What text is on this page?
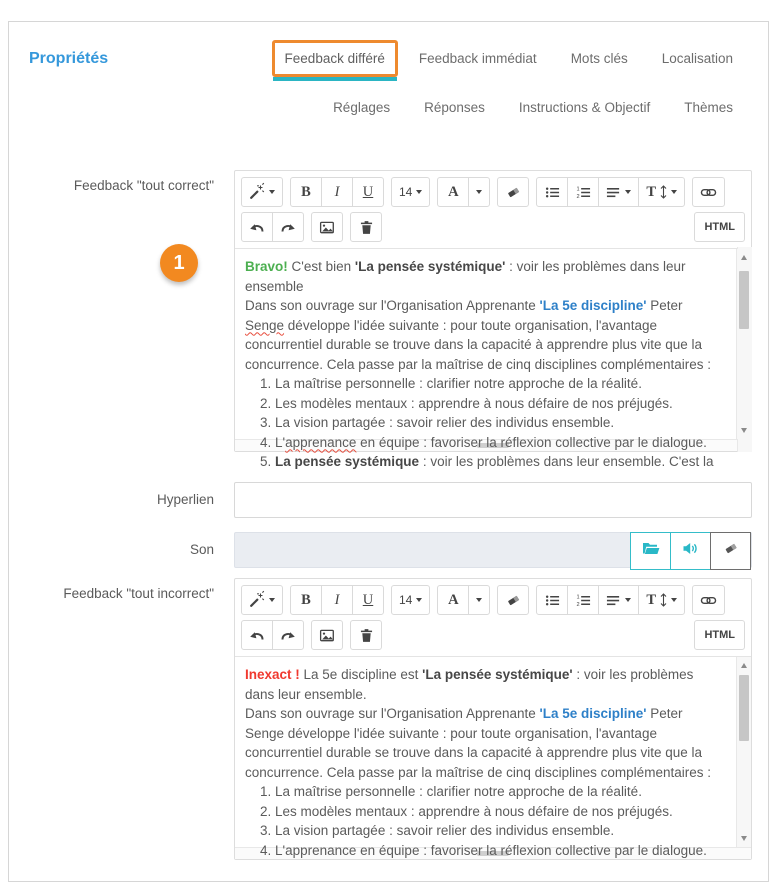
Propriétés	Feedback différé	Feedback immédiat	Mots clés	Localisation
Réglages	Réponses	Instructions & Objectif	Thèmes
Feedback "tout correct"
1
B I U 14 A	1
2	T
HTML

Bravo! C'est bien 'La pensée systémique' : voir les problèmes dans leur ensemble

Dans son ouvrage sur l'Organisation Apprenante 'La 5e discipline' Peter Senge développe l'idée suivante : pour toute organisation, l'avantage concurrentiel durable se trouve dans la capacité à apprendre plus vite que la concurrence. Cela passe par la maîtrise de cinq disciplines complémentaires :

1. La maîtrise personnelle : clarifier notre approche de la réalité.
2. Les modèles mentaux : apprendre à nous défaire de nos préjugés.
3. La vision partagée : savoir relier des individus ensemble.
4. L'apprenance en équipe : favoriser la réflexion collective par le dialogue.
5. La pensée systémique : voir les problèmes dans leur ensemble. C'est la
Hyperlien
Son
Feedback "tout incorrect"	B I U 14 A	1
2	T
HTML

Inexact ! La 5e discipline est 'La pensée systémique' : voir les problèmes dans leur ensemble.

Dans son ouvrage sur l'Organisation Apprenante 'La 5e discipline' Peter Senge développe l'idée suivante : pour toute organisation, l'avantage concurrentiel durable se trouve dans la capacité à apprendre plus vite que la concurrence. Cela passe par la maîtrise de cinq disciplines complémentaires :

1. La maîtrise personnelle : clarifier notre approche de la réalité.
2. Les modèles mentaux : apprendre à nous défaire de nos préjugés.
3. La vision partagée : savoir relier des individus ensemble.
4. L'apprenance en équipe : favoriser la réflexion collective par le dialogue.
